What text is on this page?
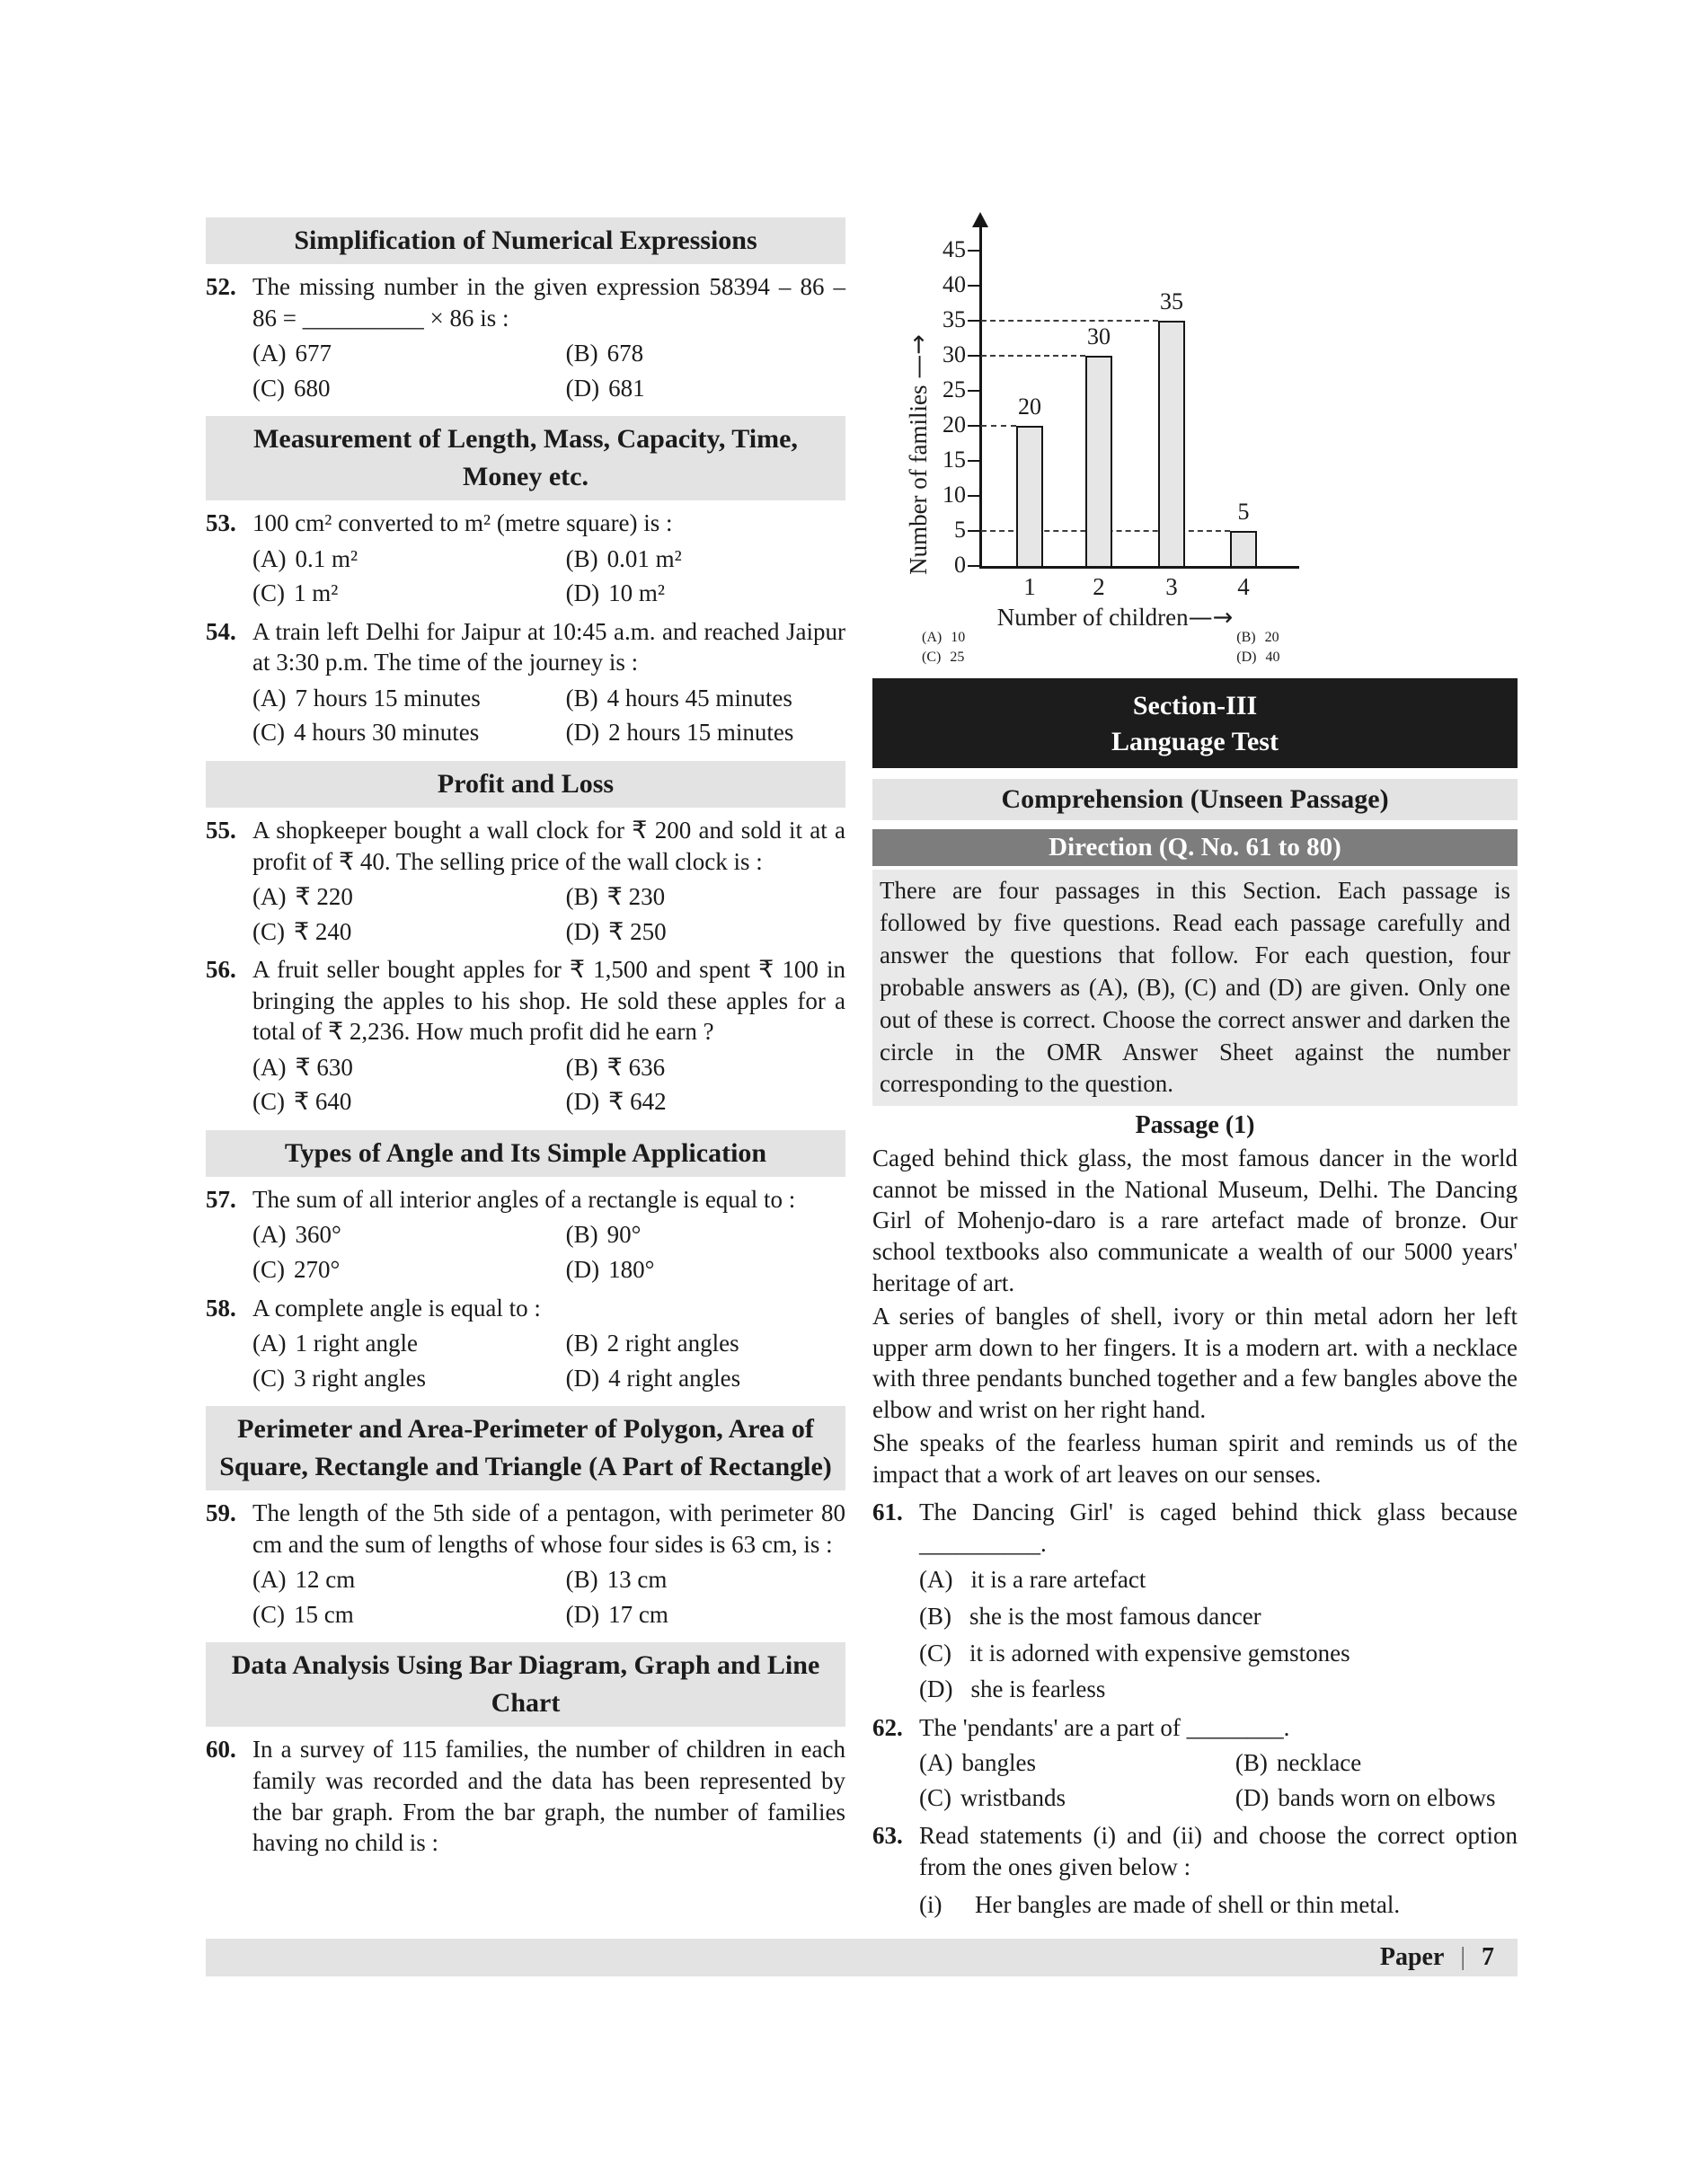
Simplification of Numerical Expressions
52. The missing number in the given expression 58394 – 86 – 86 = __________ × 86 is :
(A) 677	(B) 678
(C) 680	(D) 681
Measurement of Length, Mass, Capacity, Time, Money etc.
53. 100 cm² converted to m² (metre square) is :
(A) 0.1 m²	(B) 0.01 m²
(C) 1 m²	(D) 10 m²
54. A train left Delhi for Jaipur at 10:45 a.m. and reached Jaipur at 3:30 p.m. The time of the journey is :
(A) 7 hours 15 minutes	(B) 4 hours 45 minutes
(C) 4 hours 30 minutes	(D) 2 hours 15 minutes
Profit and Loss
55. A shopkeeper bought a wall clock for ₹ 200 and sold it at a profit of ₹ 40. The selling price of the wall clock is :
(A) ₹ 220	(B) ₹ 230
(C) ₹ 240	(D) ₹ 250
56. A fruit seller bought apples for ₹ 1,500 and spent ₹ 100 in bringing the apples to his shop. He sold these apples for a total of ₹ 2,236. How much profit did he earn ?
(A) ₹ 630	(B) ₹ 636
(C) ₹ 640	(D) ₹ 642
Types of Angle and Its Simple Application
57. The sum of all interior angles of a rectangle is equal to :
(A) 360°	(B) 90°
(C) 270°	(D) 180°
58. A complete angle is equal to :
(A) 1 right angle	(B) 2 right angles
(C) 3 right angles	(D) 4 right angles
Perimeter and Area-Perimeter of Polygon, Area of Square, Rectangle and Triangle (A Part of Rectangle)
59. The length of the 5th side of a pentagon, with perimeter 80 cm and the sum of lengths of whose four sides is 63 cm, is :
(A) 12 cm	(B) 13 cm
(C) 15 cm	(D) 17 cm
Data Analysis Using Bar Diagram, Graph and Line Chart
60. In a survey of 115 families, the number of children in each family was recorded and the data has been represented by the bar graph. From the bar graph, the number of families having no child is :
0
5
10
15
20
25
30
35
40
45
20
1
30
2
35
3
5
4
Number of children—→
Number of families —→
(A) 10	(B) 20
(C) 25	(D) 40
Section-III
Language Test
Comprehension (Unseen Passage)
Direction (Q. No. 61 to 80)
There are four passages in this Section. Each passage is followed by five questions. Read each passage carefully and answer the questions that follow. For each question, four probable answers as (A), (B), (C) and (D) are given. Only one out of these is correct. Choose the correct answer and darken the circle in the OMR Answer Sheet against the number corresponding to the question.
Passage (1)

Caged behind thick glass, the most famous dancer in the world cannot be missed in the National Museum, Delhi. The Dancing Girl of Mohenjo-daro is a rare artefact made of bronze. Our school textbooks also communicate a wealth of our 5000 years' heritage of art.

A series of bangles of shell, ivory or thin metal adorn her left upper arm down to her fingers. It is a modern art. with a necklace with three pendants bunched together and a few bangles above the elbow and wrist on her right hand.

She speaks of the fearless human spirit and reminds us of the impact that a work of art leaves on our senses.

61. The Dancing Girl' is caged behind thick glass because __________.
(A) it is a rare artefact
(B) she is the most famous dancer
(C) it is adorned with expensive gemstones
(D) she is fearless
62. The 'pendants' are a part of ________.
(A) bangles	(B) necklace
(C) wristbands	(D) bands worn on elbows
63. Read statements (i) and (ii) and choose the correct option from the ones given below :
(i)	Her bangles are made of shell or thin metal.
Paper | 7
